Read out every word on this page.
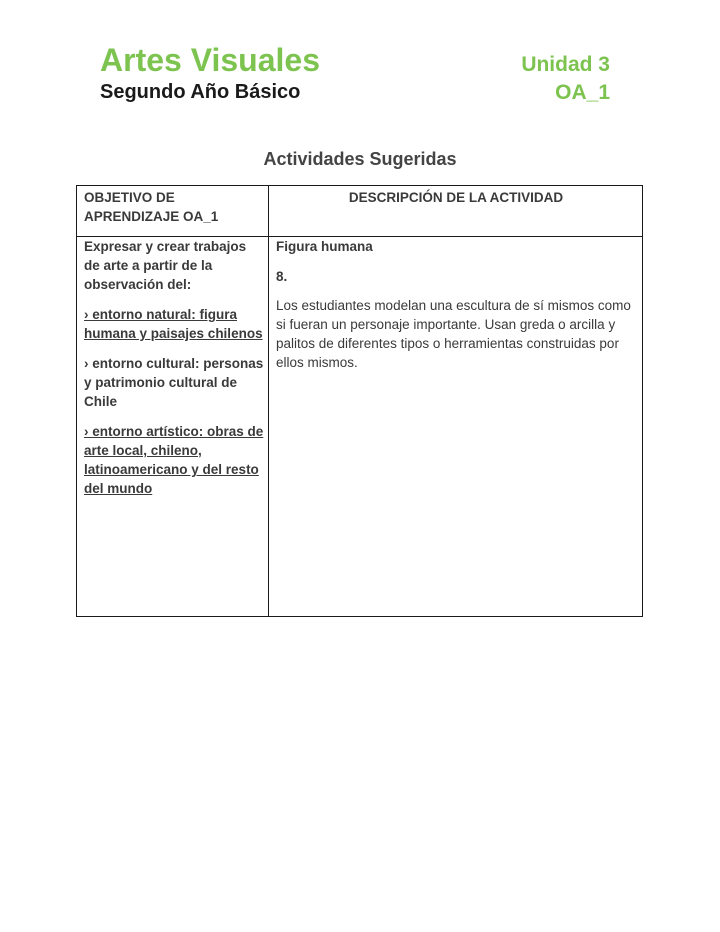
Artes Visuales
Segundo Año Básico
Unidad 3
OA_1
Actividades Sugeridas
OBJETIVO DE APRENDIZAJE OA_1
DESCRIPCIÓN DE LA ACTIVIDAD

Expresar y crear trabajos de arte a partir de la observación del:

› entorno natural: figura humana y paisajes chilenos

› entorno cultural: personas y patrimonio cultural de Chile

› entorno artístico: obras de arte local, chileno, latinoamericano y del resto del mundo

Figura humana

8.

Los estudiantes modelan una escultura de sí mismos como si fueran un personaje importante. Usan greda o arcilla y palitos de diferentes tipos o herramientas construidas por ellos mismos.
